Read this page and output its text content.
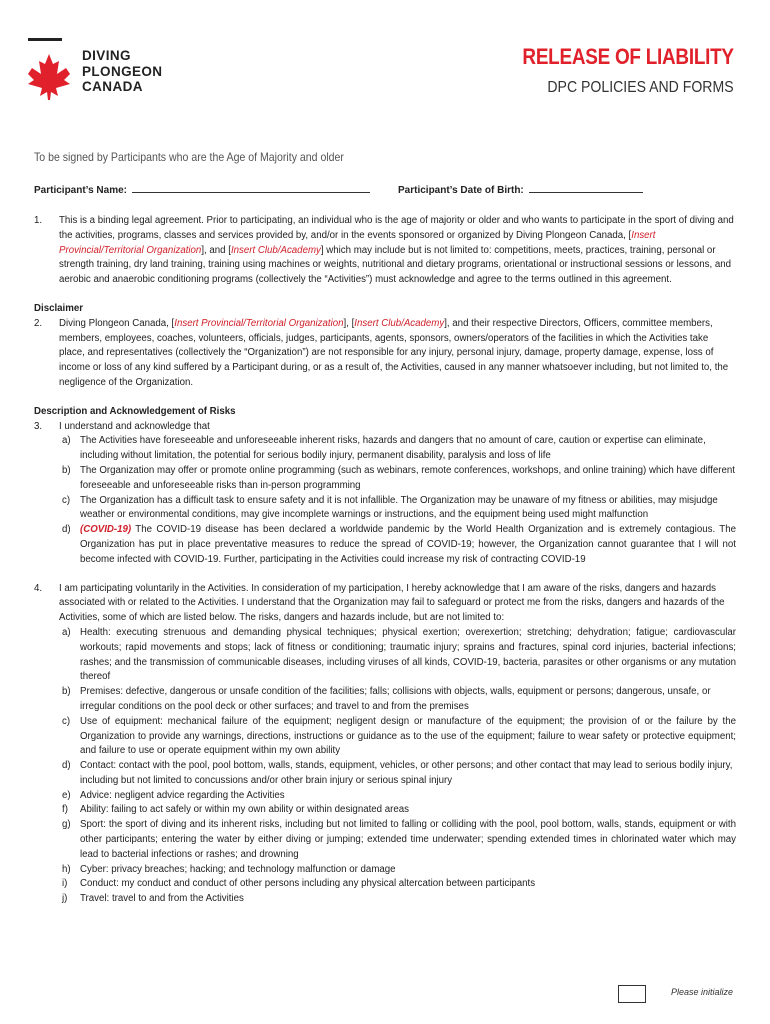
DIVING
PLONGEON
CANADA
RELEASE OF LIABILITY
DPC POLICIES AND FORMS
To be signed by Participants who are the Age of Majority and older
Participant’s Name:	Participant’s Date of Birth:
1. This is a binding legal agreement. Prior to participating, an individual who is the age of majority or older and who wants to participate in the sport of diving and the activities, programs, classes and services provided by, and/or in the events sponsored or organized by Diving Plongeon Canada, [Insert Provincial/Territorial Organization], and [Insert Club/Academy] which may include but is not limited to: competitions, meets, practices, training, personal or strength training, dry land training, training using machines or weights, nutritional and dietary programs, orientational or instructional sessions or lessons, and aerobic and anaerobic conditioning programs (collectively the “Activities”) must acknowledge and agree to the terms outlined in this agreement.
Disclaimer
2. Diving Plongeon Canada, [Insert Provincial/Territorial Organization], [Insert Club/Academy], and their respective Directors, Officers, committee members, members, employees, coaches, volunteers, officials, judges, participants, agents, sponsors, owners/operators of the facilities in which the Activities take place, and representatives (collectively the “Organization”) are not responsible for any injury, personal injury, damage, property damage, expense, loss of income or loss of any kind suffered by a Participant during, or as a result of, the Activities, caused in any manner whatsoever including, but not limited to, the negligence of the Organization.
Description and Acknowledgement of Risks
3. I understand and acknowledge that
a) The Activities have foreseeable and unforeseeable inherent risks, hazards and dangers that no amount of care, caution or expertise can eliminate, including without limitation, the potential for serious bodily injury, permanent disability, paralysis and loss of life
b) The Organization may offer or promote online programming (such as webinars, remote conferences, workshops, and online training) which have different foreseeable and unforeseeable risks than in-person programming
c) The Organization has a difficult task to ensure safety and it is not infallible. The Organization may be unaware of my fitness or abilities, may misjudge weather or environmental conditions, may give incomplete warnings or instructions, and the equipment being used might malfunction
d) (COVID-19) The COVID-19 disease has been declared a worldwide pandemic by the World Health Organization and is extremely contagious. The Organization has put in place preventative measures to reduce the spread of COVID-19; however, the Organization cannot guarantee that I will not become infected with COVID-19. Further, participating in the Activities could increase my risk of contracting COVID-19
4. I am participating voluntarily in the Activities. In consideration of my participation, I hereby acknowledge that I am aware of the risks, dangers and hazards associated with or related to the Activities. I understand that the Organization may fail to safeguard or protect me from the risks, dangers and hazards of the Activities, some of which are listed below. The risks, dangers and hazards include, but are not limited to:
a) Health: executing strenuous and demanding physical techniques; physical exertion; overexertion; stretching; dehydration; fatigue; cardiovascular workouts; rapid movements and stops; lack of fitness or conditioning; traumatic injury; sprains and fractures, spinal cord injuries, bacterial infections; rashes; and the transmission of communicable diseases, including viruses of all kinds, COVID-19, bacteria, parasites or other organisms or any mutation thereof
b) Premises: defective, dangerous or unsafe condition of the facilities; falls; collisions with objects, walls, equipment or persons; dangerous, unsafe, or irregular conditions on the pool deck or other surfaces; and travel to and from the premises
c) Use of equipment: mechanical failure of the equipment; negligent design or manufacture of the equipment; the provision of or the failure by the Organization to provide any warnings, directions, instructions or guidance as to the use of the equipment; failure to wear safety or protective equipment; and failure to use or operate equipment within my own ability
d) Contact: contact with the pool, pool bottom, walls, stands, equipment, vehicles, or other persons; and other contact that may lead to serious bodily injury, including but not limited to concussions and/or other brain injury or serious spinal injury
e) Advice: negligent advice regarding the Activities
f) Ability: failing to act safely or within my own ability or within designated areas
g) Sport: the sport of diving and its inherent risks, including but not limited to falling or colliding with the pool, pool bottom, walls, stands, equipment or with other participants; entering the water by either diving or jumping; extended time underwater; spending extended times in chlorinated water which may lead to bacterial infections or rashes; and drowning
h) Cyber: privacy breaches; hacking; and technology malfunction or damage
i) Conduct: my conduct and conduct of other persons including any physical altercation between participants
j) Travel: travel to and from the Activities
Please initialize
